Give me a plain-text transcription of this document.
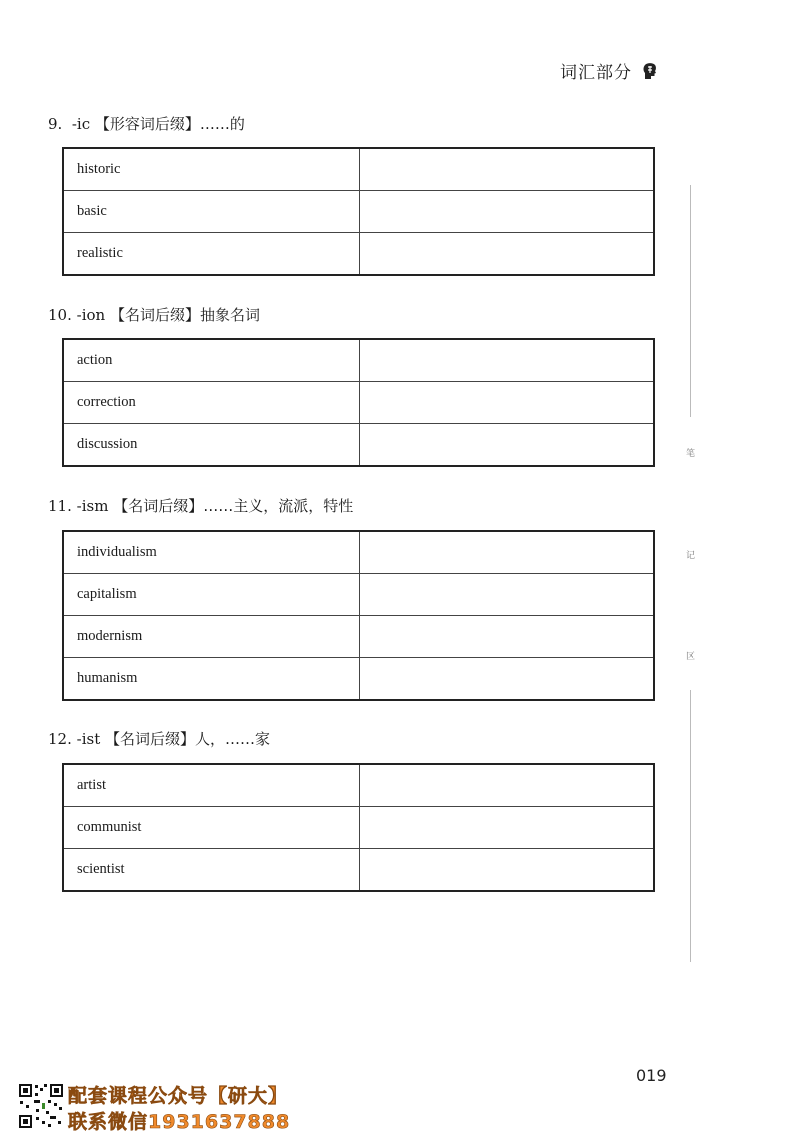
词汇部分
9. -ic 【形容词后缀】……的
historic	
basic	
realistic	
10. -ion 【名词后缀】抽象名词
action	
correction	
discussion	
11. -ism 【名词后缀】……主义，流派，特性
individualism	
capitalism	
modernism	
humanism	
12. -ist 【名词后缀】人，……家
artist	
communist	
scientist	
笔
记
区
019
配套课程公众号【研大】
联系微信1931637888
